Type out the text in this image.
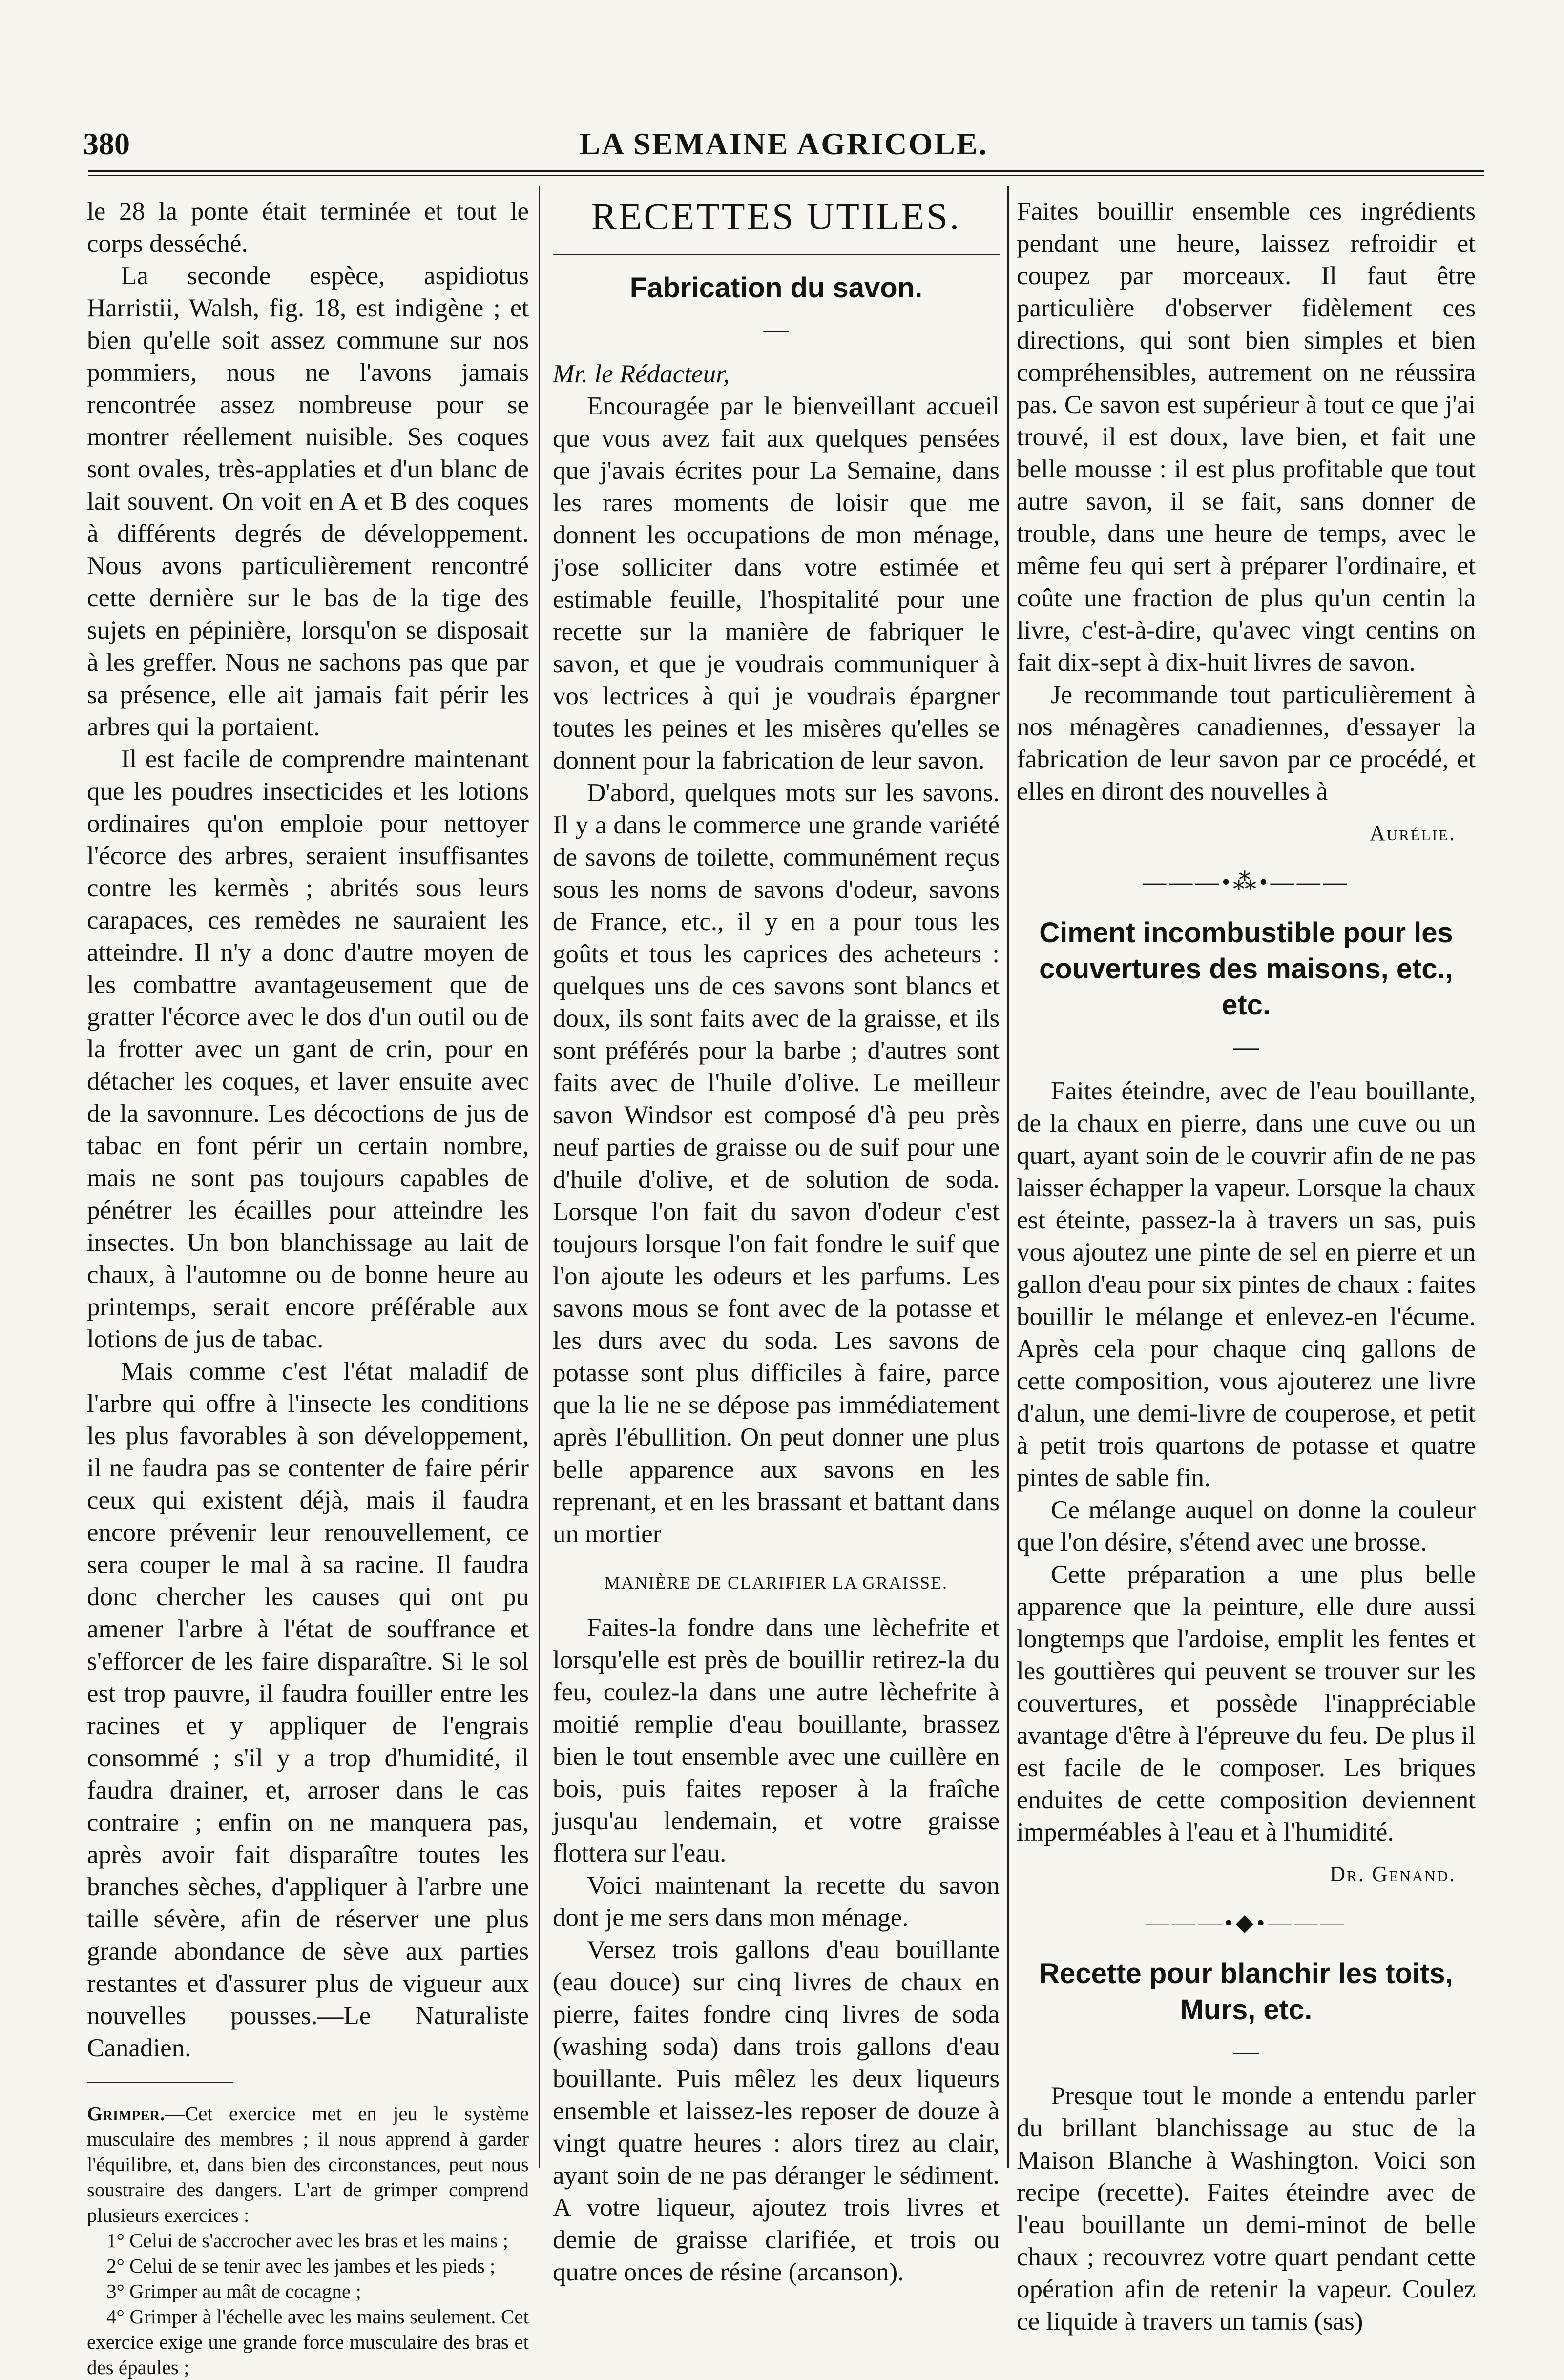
380	LA SEMAINE AGRICOLE.

le 28 la ponte était terminée et tout le corps desséché.

La seconde espèce, aspidiotus Harristii, Walsh, fig. 18, est indigène ; et bien qu'elle soit assez commune sur nos pommiers, nous ne l'avons jamais rencontrée assez nombreuse pour se montrer réellement nuisible. Ses coques sont ovales, très-applaties et d'un blanc de lait souvent. On voit en A et B des coques à différents degrés de développement. Nous avons particulièrement rencontré cette dernière sur le bas de la tige des sujets en pépinière, lorsqu'on se disposait à les greffer. Nous ne sachons pas que par sa présence, elle ait jamais fait périr les arbres qui la portaient.

Il est facile de comprendre maintenant que les poudres insecticides et les lotions ordinaires qu'on emploie pour nettoyer l'écorce des arbres, seraient insuffisantes contre les kermès ; abrités sous leurs carapaces, ces remèdes ne sauraient les atteindre. Il n'y a donc d'autre moyen de les combattre avantageusement que de gratter l'écorce avec le dos d'un outil ou de la frotter avec un gant de crin, pour en détacher les coques, et laver ensuite avec de la savonnure. Les décoctions de jus de tabac en font périr un certain nombre, mais ne sont pas toujours capables de pénétrer les écailles pour atteindre les insectes. Un bon blanchissage au lait de chaux, à l'automne ou de bonne heure au printemps, serait encore préférable aux lotions de jus de tabac.

Mais comme c'est l'état maladif de l'arbre qui offre à l'insecte les conditions les plus favorables à son développement, il ne faudra pas se contenter de faire périr ceux qui existent déjà, mais il faudra encore prévenir leur renouvellement, ce sera couper le mal à sa racine. Il faudra donc chercher les causes qui ont pu amener l'arbre à l'état de souffrance et s'efforcer de les faire disparaître. Si le sol est trop pauvre, il faudra fouiller entre les racines et y appliquer de l'engrais consommé ; s'il y a trop d'humidité, il faudra drainer, et, arroser dans le cas contraire ; enfin on ne manquera pas, après avoir fait disparaître toutes les branches sèches, d'appliquer à l'arbre une taille sévère, afin de réserver une plus grande abondance de sève aux parties restantes et d'assurer plus de vigueur aux nouvelles pousses.—Le Naturaliste Canadien.

Grimper.—Cet exercice met en jeu le système musculaire des membres ; il nous apprend à garder l'équilibre, et, dans bien des circonstances, peut nous soustraire des dangers. L'art de grimper comprend plusieurs exercices :

1° Celui de s'accrocher avec les bras et les mains ;

2° Celui de se tenir avec les jambes et les pieds ;

3° Grimper au mât de cocagne ;

4° Grimper à l'échelle avec les mains seulement. Cet exercice exige une grande force musculaire des bras et des épaules ;

RECETTES UTILES.
Fabrication du savon.
—

Mr. le Rédacteur,

Encouragée par le bienveillant accueil que vous avez fait aux quelques pensées que j'avais écrites pour La Semaine, dans les rares moments de loisir que me donnent les occupations de mon ménage, j'ose solliciter dans votre estimée et estimable feuille, l'hospitalité pour une recette sur la manière de fabriquer le savon, et que je voudrais communiquer à vos lectrices à qui je voudrais épargner toutes les peines et les misères qu'elles se donnent pour la fabrication de leur savon.

D'abord, quelques mots sur les savons. Il y a dans le commerce une grande variété de savons de toilette, communément reçus sous les noms de savons d'odeur, savons de France, etc., il y en a pour tous les goûts et tous les caprices des acheteurs : quelques uns de ces savons sont blancs et doux, ils sont faits avec de la graisse, et ils sont préférés pour la barbe ; d'autres sont faits avec de l'huile d'olive. Le meilleur savon Windsor est composé d'à peu près neuf parties de graisse ou de suif pour une d'huile d'olive, et de solution de soda. Lorsque l'on fait du savon d'odeur c'est toujours lorsque l'on fait fondre le suif que l'on ajoute les odeurs et les parfums. Les savons mous se font avec de la potasse et les durs avec du soda. Les savons de potasse sont plus difficiles à faire, parce que la lie ne se dépose pas immédiatement après l'ébullition. On peut donner une plus belle apparence aux savons en les reprenant, et en les brassant et battant dans un mortier

MANIÈRE DE CLARIFIER LA GRAISSE.

Faites-la fondre dans une lèchefrite et lorsqu'elle est près de bouillir retirez-la du feu, coulez-la dans une autre lèchefrite à moitié remplie d'eau bouillante, brassez bien le tout ensemble avec une cuillère en bois, puis faites reposer à la fraîche jusqu'au lendemain, et votre graisse flottera sur l'eau.

Voici maintenant la recette du savon dont je me sers dans mon ménage.

Versez trois gallons d'eau bouillante (eau douce) sur cinq livres de chaux en pierre, faites fondre cinq livres de soda (washing soda) dans trois gallons d'eau bouillante. Puis mêlez les deux liqueurs ensemble et laissez-les reposer de douze à vingt quatre heures : alors tirez au clair, ayant soin de ne pas déranger le sédiment. A votre liqueur, ajoutez trois livres et demie de graisse clarifiée, et trois ou quatre onces de résine (arcanson).

Faites bouillir ensemble ces ingrédients pendant une heure, laissez refroidir et coupez par morceaux. Il faut être particulière d'observer fidèlement ces directions, qui sont bien simples et bien compréhensibles, autrement on ne réussira pas. Ce savon est supérieur à tout ce que j'ai trouvé, il est doux, lave bien, et fait une belle mousse : il est plus profitable que tout autre savon, il se fait, sans donner de trouble, dans une heure de temps, avec le même feu qui sert à préparer l'ordinaire, et coûte une fraction de plus qu'un centin la livre, c'est-à-dire, qu'avec vingt centins on fait dix-sept à dix-huit livres de savon.

Je recommande tout particulièrement à nos ménagères canadiennes, d'essayer la fabrication de leur savon par ce procédé, et elles en diront des nouvelles à

Aurélie.
———•⁂•———
Ciment incombustible pour les couvertures des maisons, etc., etc.
—

Faites éteindre, avec de l'eau bouillante, de la chaux en pierre, dans une cuve ou un quart, ayant soin de le couvrir afin de ne pas laisser échapper la vapeur. Lorsque la chaux est éteinte, passez-la à travers un sas, puis vous ajoutez une pinte de sel en pierre et un gallon d'eau pour six pintes de chaux : faites bouillir le mélange et enlevez-en l'écume. Après cela pour chaque cinq gallons de cette composition, vous ajouterez une livre d'alun, une demi-livre de couperose, et petit à petit trois quartons de potasse et quatre pintes de sable fin.

Ce mélange auquel on donne la couleur que l'on désire, s'étend avec une brosse.

Cette préparation a une plus belle apparence que la peinture, elle dure aussi longtemps que l'ardoise, emplit les fentes et les gouttières qui peuvent se trouver sur les couvertures, et possède l'inappréciable avantage d'être à l'épreuve du feu. De plus il est facile de le composer. Les briques enduites de cette composition deviennent imperméables à l'eau et à l'humidité.

Dr. Genand.
———•◆•———
Recette pour blanchir les toits, Murs, etc.
—

Presque tout le monde a entendu parler du brillant blanchissage au stuc de la Maison Blanche à Washington. Voici son recipe (recette). Faites éteindre avec de l'eau bouillante un demi-minot de belle chaux ; recouvrez votre quart pendant cette opération afin de retenir la vapeur. Coulez ce liquide à travers un tamis (sas)
